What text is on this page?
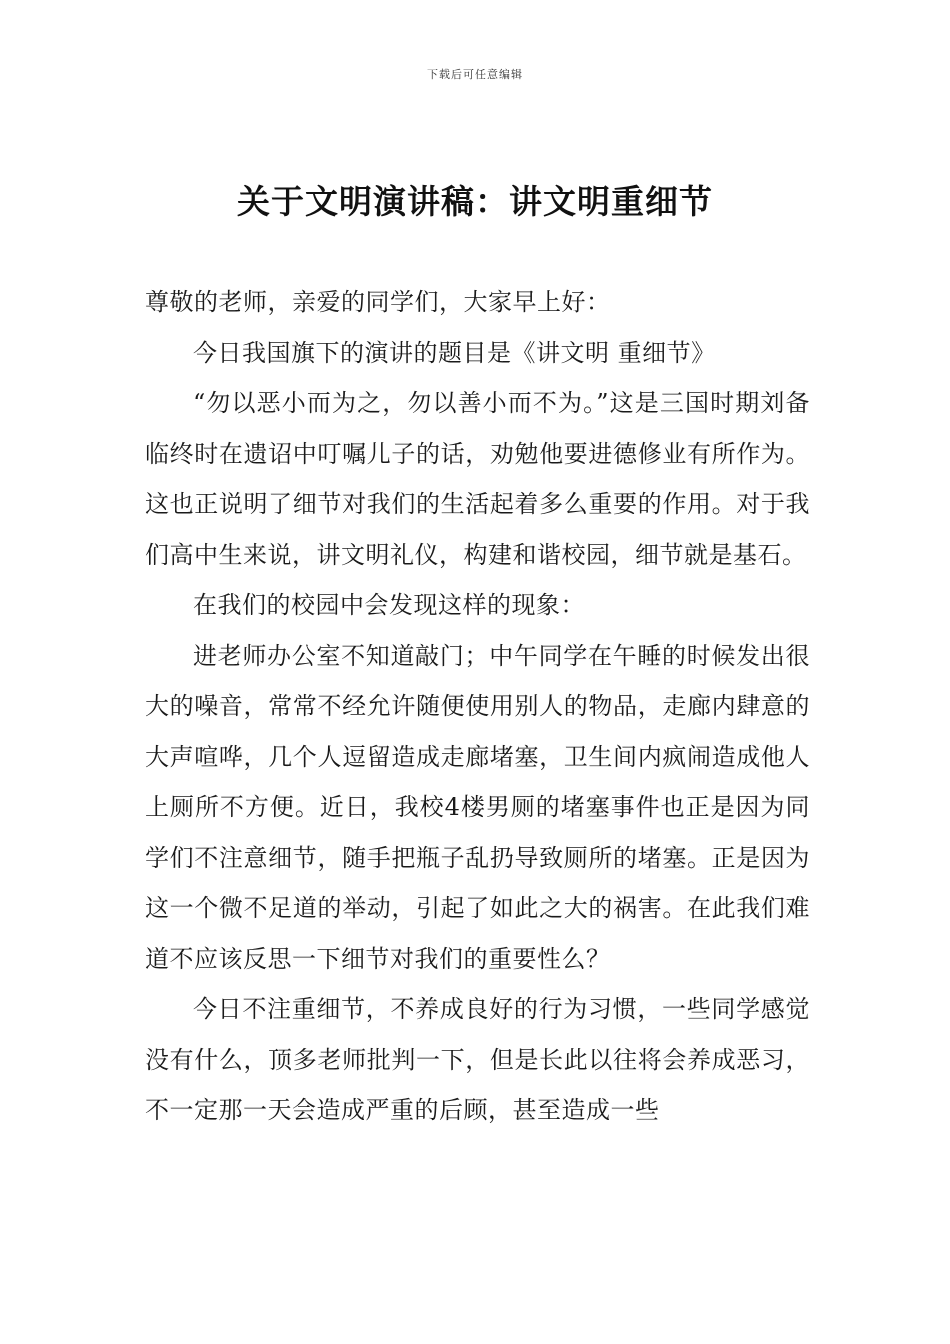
下载后可任意编辑
关于文明演讲稿：讲文明重细节

尊敬的老师，亲爱的同学们，大家早上好：

今日我国旗下的演讲的题目是《讲文明 重细节》

“勿以恶小而为之，勿以善小而不为。”这是三国时期刘备临终时在遗诏中叮嘱儿子的话，劝勉他要进德修业有所作为。这也正说明了细节对我们的生活起着多么重要的作用。对于我们高中生来说，讲文明礼仪，构建和谐校园，细节就是基石。

在我们的校园中会发现这样的现象：

进老师办公室不知道敲门；中午同学在午睡的时候发出很大的噪音，常常不经允许随便使用别人的物品，走廊内肆意的大声喧哗，几个人逗留造成走廊堵塞，卫生间内疯闹造成他人上厕所不方便。近日，我校4楼男厕的堵塞事件也正是因为同学们不注意细节，随手把瓶子乱扔导致厕所的堵塞。正是因为这一个微不足道的举动，引起了如此之大的祸害。在此我们难道不应该反思一下细节对我们的重要性么？

今日不注重细节，不养成良好的行为习惯，一些同学感觉没有什么，顶多老师批判一下，但是长此以往将会养成恶习，不一定那一天会造成严重的后顾，甚至造成一些
